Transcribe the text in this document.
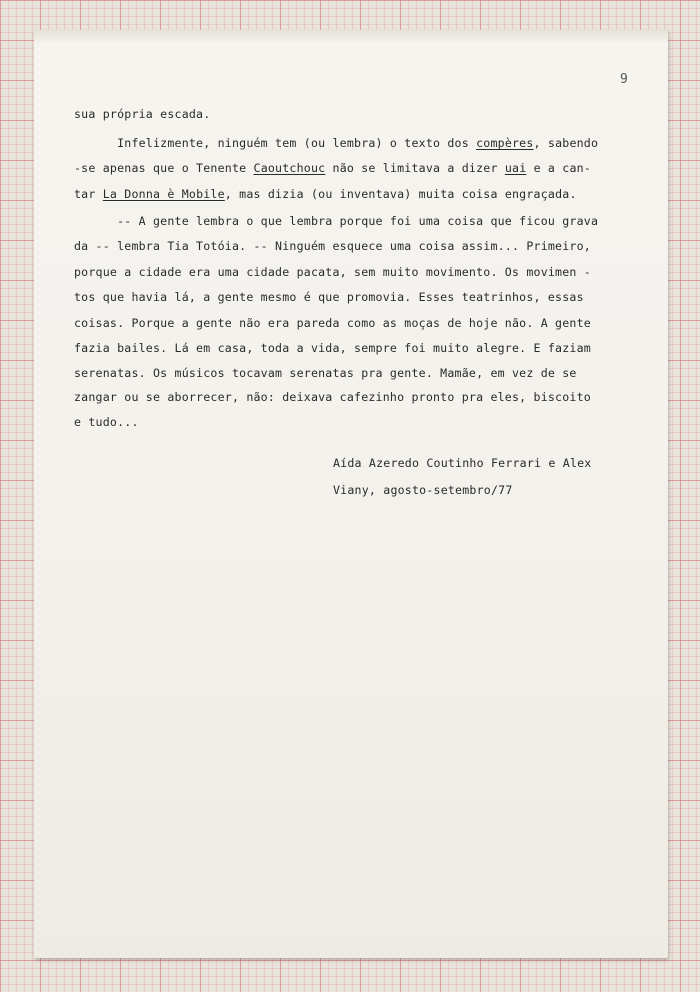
9
sua própria escada.
Infelizmente, ninguém tem (ou lembra) o texto dos compères, sabendo
-se apenas que o Tenente Caoutchouc não se limitava a dizer uai e a can-
tar La Donna è Mobile, mas dizia (ou inventava) muita coisa engraçada.
-- A gente lembra o que lembra porque foi uma coisa que ficou grava
da -- lembra Tia Totóia. -- Ninguém esquece uma coisa assim... Primeiro,
porque a cidade era uma cidade pacata, sem muito movimento. Os movimen -
tos que havia lá, a gente mesmo é que promovia. Esses teatrinhos, essas
coisas. Porque a gente não era pareda como as moças de hoje não. A gente
fazia bailes. Lá em casa, toda a vida, sempre foi muito alegre. E faziam
serenatas. Os músicos tocavam serenatas pra gente. Mamãe, em vez de se
zangar ou se aborrecer, não: deixava cafezinho pronto pra eles, biscoito
e tudo...
Aída Azeredo Coutinho Ferrari e Alex
Viany, agosto-setembro/77
